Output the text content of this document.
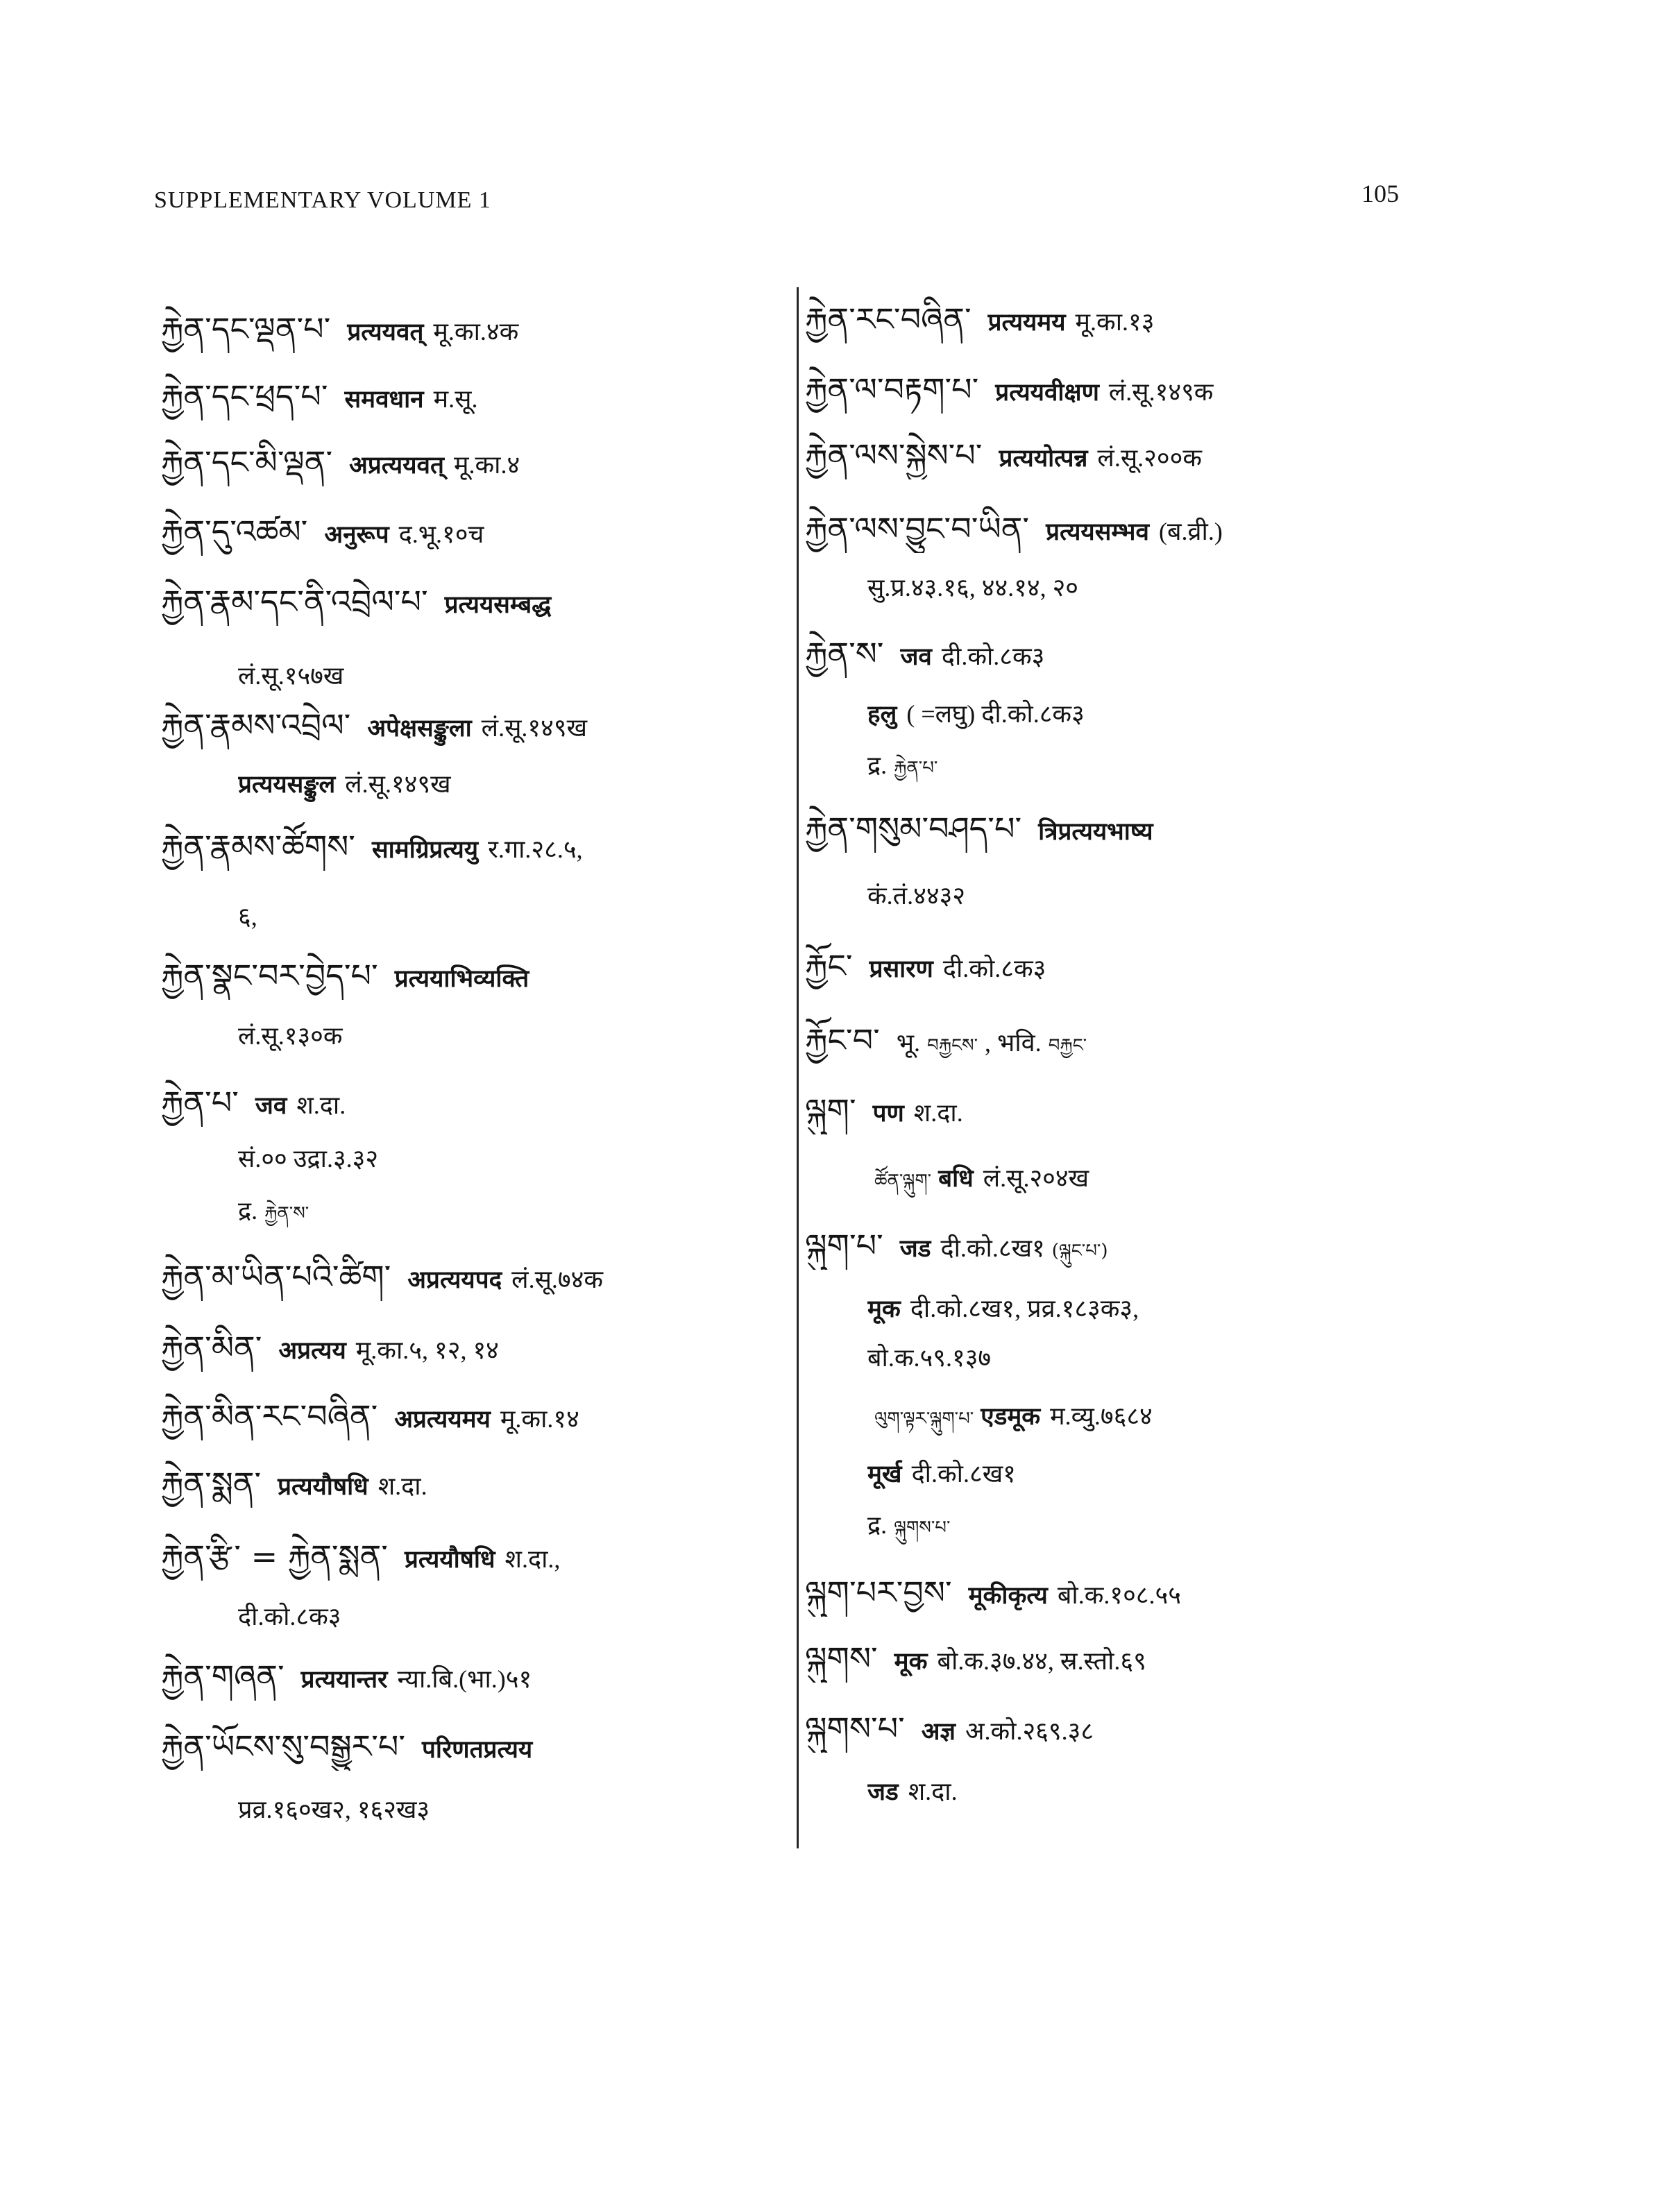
SUPPLEMENTARY VOLUME 1	105
རྐྱེན་དང་ལྡན་པ་ प्रत्ययवत् मू.का.४क
རྐྱེན་དང་ཕྲད་པ་ समवधान म.सू.
རྐྱེན་དང་མི་ལྡན་ अप्रत्ययवत् मू.का.४
རྐྱེན་དུ་འཚམ་ अनुरूप द.भू.१०च
རྐྱེན་རྣམ་དང་ནི་འབྲེལ་པ་ प्रत्ययसम्बद्ध
लं.सू.१५७ख
རྐྱེན་རྣམས་འབྲེལ་ अपेक्षसङ्कुला लं.सू.१४९ख
प्रत्ययसङ्कुल लं.सू.१४९ख
རྐྱེན་རྣམས་ཚོགས་ सामग्रिप्रत्ययु र.गा.२८.५,
६,
རྐྱེན་སྣང་བར་བྱེད་པ་ प्रत्ययाभिव्यक्ति
लं.सू.१३०क
རྐྱེན་པ་ जव श.दा.
सं.०० उद्रा.३.३२
द्र. རྐྱེན་ས་
རྐྱེན་མ་ཡིན་པའི་ཚིག་ अप्रत्ययपद लं.सू.७४क
རྐྱེན་མིན་ अप्रत्यय मू.का.५, १२, १४
རྐྱེན་མིན་རང་བཞིན་ अप्रत्ययमय मू.का.१४
རྐྱེན་སྨན་ प्रत्ययौषधि श.दा.
རྐྱེན་རྩི་ = རྐྱེན་སྨན་ प्रत्ययौषधि श.दा.,
दी.को.८क३
རྐྱེན་གཞན་ प्रत्ययान्तर न्या.बि.(भा.)५१
རྐྱེན་ཡོངས་སུ་བསྒྱུར་པ་ परिणतप्रत्यय
प्रव्र.१६०ख२, १६२ख३
རྐྱེན་རང་བཞིན་ प्रत्ययमय मू.का.१३
རྐྱེན་ལ་བརྟག་པ་ प्रत्ययवीक्षण लं.सू.१४९क
རྐྱེན་ལས་སྐྱེས་པ་ प्रत्ययोत्पन्न लं.सू.२००क
རྐྱེན་ལས་བྱུང་བ་ཡིན་ प्रत्ययसम्भव (ब.व्री.)
सु.प्र.४३.१६, ४४.१४, २०
རྐྱེན་ས་ जव दी.को.८क३
हलु ( =लघु) दी.को.८क३
द्र. རྐྱེན་པ་
རྐྱེན་གསུམ་བཤད་པ་ त्रिप्रत्ययभाष्य
कं.तं.४४३२
རྐྱོང་ प्रसारण दी.को.८क३
རྐྱོང་བ་ भू. བརྐྱངས་ , भवि. བརྐྱང་
ལྐུག་ पण श.दा.
ཚོན་ལྐུག་ बधि लं.सू.२०४ख
ལྐུག་པ་ जड दी.को.८ख१ (ལྐུང་པ་)
मूक दी.को.८ख१, प्रव्र.१८३क३,
बो.क.५९.१३७
ལུག་ལྟར་ལྐུག་པ་ एडमूक म.व्यु.७६८४
मूर्ख दी.को.८ख१
द्र. ལྐུགས་པ་
ལྐུག་པར་བྱས་ मूकीकृत्य बो.क.१०८.५५
ལྐུགས་ मूक बो.क.३७.४४, स्र.स्तो.६९
ལྐུགས་པ་ अज्ञ अ.को.२६९.३८
जड श.दा.
